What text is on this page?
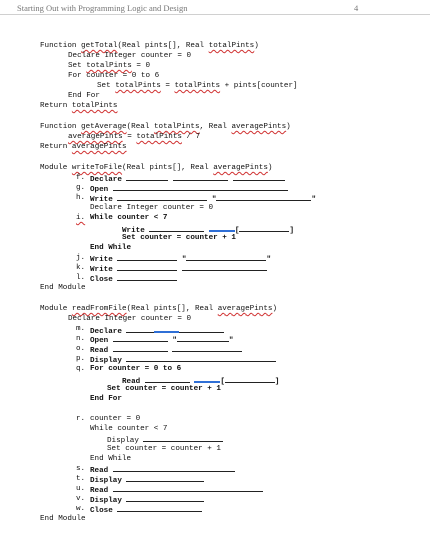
Starting Out with Programming Logic and Design	4
Function getTotal(Real pints[], Real totalPints)
Declare Integer counter = 0
Set totalPints = 0
For counter = 0 to 6
Set totalPints = totalPints + pints[counter]
End For
Return totalPints
Function getAverage(Real totalPints, Real averagePints)
averagePints = totalPints / 7
Return averagePints
Module writeToFile(Real pints[], Real averagePints)
f. Declare
g. Open
h. Write	"	"
Declare Integer counter = 0
i. While counter < 7
Write	[	]
Set counter = counter + 1
End While
j. Write	"	"
k. Write
l. Close
End Module
Module readFromFile(Real pints[], Real averagePints)
Declare Integer counter = 0
m. Declare
n. Open	"	"
o. Read
p. Display
q. For counter = 0 to 6
Read	[	]
Set counter = counter + 1
End For
r. counter = 0
While counter < 7
Display
Set counter = counter + 1
End While
s. Read
t. Display
u. Read
v. Display
w. Close
End Module
